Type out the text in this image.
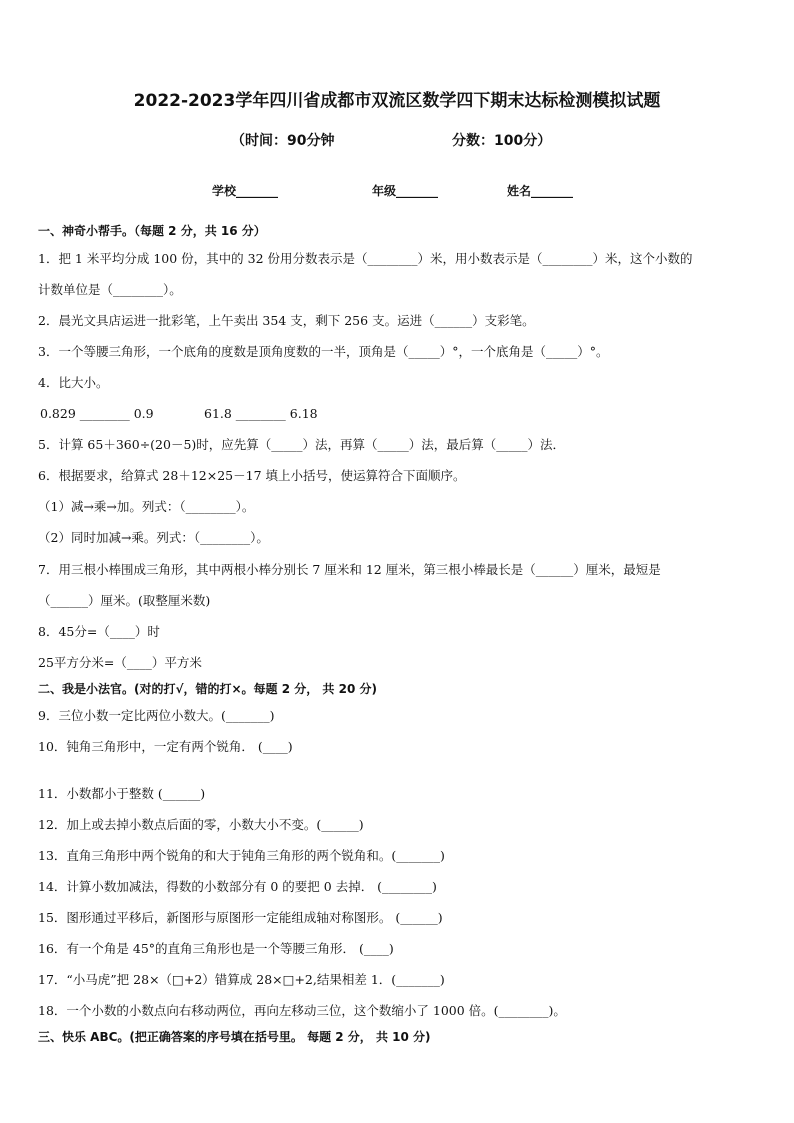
2022-2023学年四川省成都市双流区数学四下期末达标检测模拟试题
（时间：90分钟	分数：100分）
学校_______	年级_______	姓名_______
一、神奇小帮手。（每题 2 分，共 16 分）
1．把 1 米平均分成 100 份，其中的 32 份用分数表示是（________）米，用小数表示是（________）米，这个小数的
计数单位是（________）。
2．晨光文具店运进一批彩笔，上午卖出 354 支，剩下 256 支。运进（______）支彩笔。
3．一个等腰三角形，一个底角的度数是顶角度数的一半，顶角是（_____）°，一个底角是（_____）°。
4．比大小。
0.829 ________ 0.9	61.8 ________ 6.18
5．计算 65＋360÷(20－5)时，应先算（_____）法，再算（_____）法，最后算（_____）法．
6．根据要求，给算式 28＋12×25－17 填上小括号，使运算符合下面顺序。
（1）减→乘→加。列式：（________）。
（2）同时加减→乘。列式：（________）。
7．用三根小棒围成三角形，其中两根小棒分别长 7 厘米和 12 厘米，第三根小棒最长是（______）厘米，最短是
（______）厘米。(取整厘米数)
8．45分=（____）时
25平方分米=（____）平方米
二、我是小法官。(对的打√，错的打×。每题 2 分， 共 20 分)
9．三位小数一定比两位小数大。(_______)
10．钝角三角形中，一定有两个锐角． (____)
11．小数都小于整数 (______)
12．加上或去掉小数点后面的零，小数大小不变。(______)
13．直角三角形中两个锐角的和大于钝角三角形的两个锐角和。(_______)
14．计算小数加减法，得数的小数部分有 0 的要把 0 去掉． (________)
15．图形通过平移后，新图形与原图形一定能组成轴对称图形。 (______)
16．有一个角是 45°的直角三角形也是一个等腰三角形． (____)
17．“小马虎”把 28×（□+2）错算成 28×□+2,结果相差 1．(_______)
18．一个小数的小数点向右移动两位，再向左移动三位，这个数缩小了 1000 倍。(________)。
三、快乐 ABC。(把正确答案的序号填在括号里。 每题 2 分， 共 10 分)
